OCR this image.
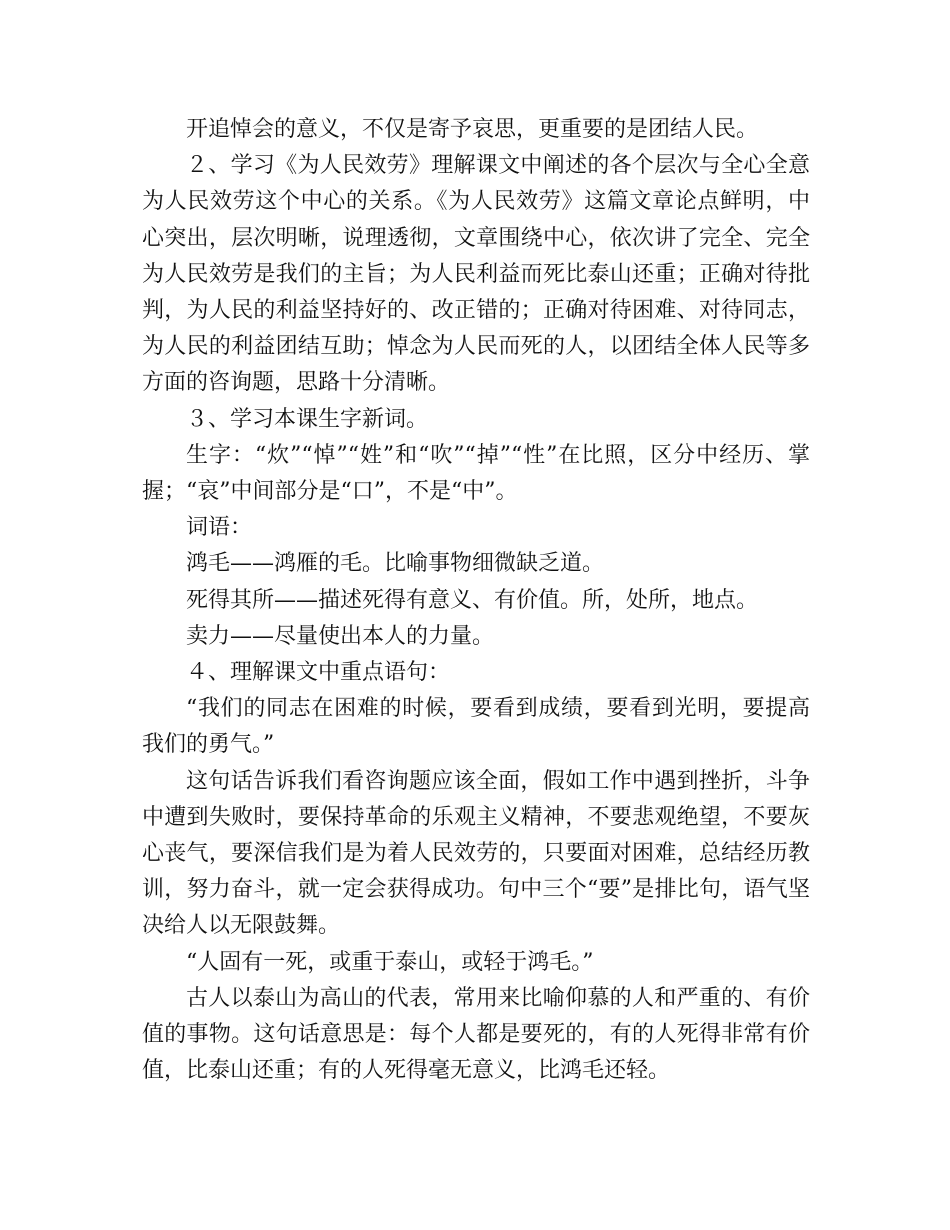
开追悼会的意义，不仅是寄予哀思，更重要的是团结人民。

２、学习《为人民效劳》理解课文中阐述的各个层次与全心全意为人民效劳这个中心的关系。《为人民效劳》这篇文章论点鲜明，中心突出，层次明晰，说理透彻，文章围绕中心，依次讲了完全、完全为人民效劳是我们的主旨；为人民利益而死比泰山还重；正确对待批判，为人民的利益坚持好的、改正错的；正确对待困难、对待同志，为人民的利益团结互助；悼念为人民而死的人，以团结全体人民等多方面的咨询题，思路十分清晰。

３、学习本课生字新词。

生字：“炊”“悼”“姓”和“吹”“掉”“性”在比照，区分中经历、掌握；“哀”中间部分是“口”，不是“中”。

词语：

鸿毛——鸿雁的毛。比喻事物细微缺乏道。

死得其所——描述死得有意义、有价值。所，处所，地点。

卖力——尽量使出本人的力量。

４、理解课文中重点语句：

“我们的同志在困难的时候，要看到成绩，要看到光明，要提高我们的勇气。”

这句话告诉我们看咨询题应该全面，假如工作中遇到挫折，斗争中遭到失败时，要保持革命的乐观主义精神，不要悲观绝望，不要灰心丧气，要深信我们是为着人民效劳的，只要面对困难，总结经历教训，努力奋斗，就一定会获得成功。句中三个“要”是排比句，语气坚决给人以无限鼓舞。

“人固有一死，或重于泰山，或轻于鸿毛。”

古人以泰山为高山的代表，常用来比喻仰慕的人和严重的、有价值的事物。这句话意思是：每个人都是要死的，有的人死得非常有价值，比泰山还重；有的人死得毫无意义，比鸿毛还轻。
